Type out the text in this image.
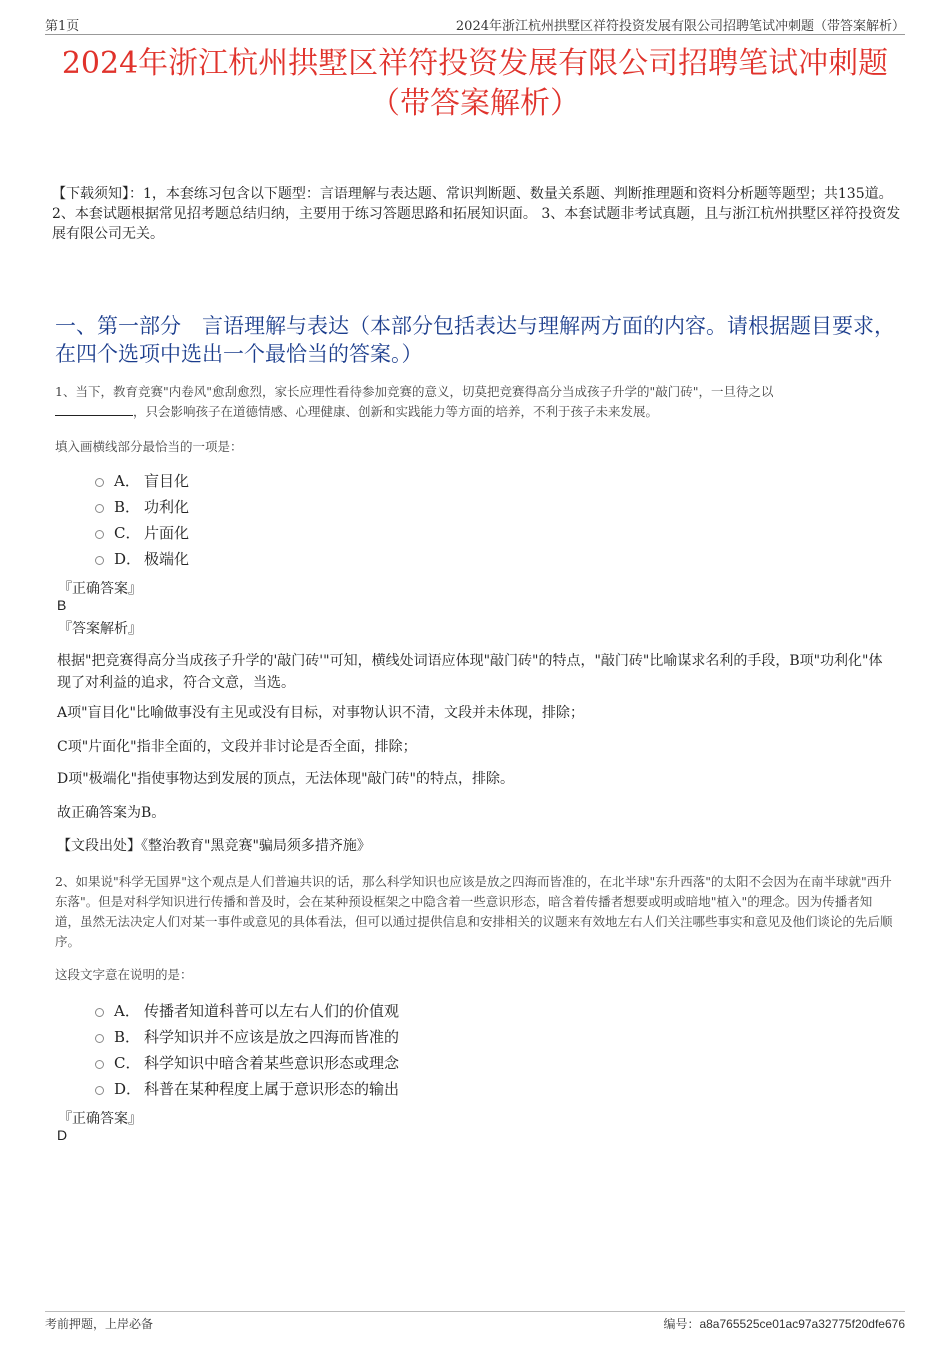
第1页	2024年浙江杭州拱墅区祥符投资发展有限公司招聘笔试冲刺题（带答案解析）
2024年浙江杭州拱墅区祥符投资发展有限公司招聘笔试冲刺题
（带答案解析）
【下载须知】：1，本套练习包含以下题型：言语理解与表达题、常识判断题、数量关系题、判断推理题和资料分析题等题型；共135道。 2、本套试题根据常见招考题总结归纳，主要用于练习答题思路和拓展知识面。 3、本套试题非考试真题，且与浙江杭州拱墅区祥符投资发展有限公司无关。
一、第一部分　言语理解与表达（本部分包括表达与理解两方面的内容。请根据题目要求，在四个选项中选出一个最恰当的答案。）
1、当下，教育竞赛"内卷风"愈刮愈烈，家长应理性看待参加竞赛的意义，切莫把竞赛得高分当成孩子升学的"敲门砖"，一旦待之以
，只会影响孩子在道德情感、心理健康、创新和实践能力等方面的培养，不利于孩子未来发展。
填入画横线部分最恰当的一项是：
A． 盲目化
B． 功利化
C． 片面化
D． 极端化
『正确答案』
B
『答案解析』
根据"把竞赛得高分当成孩子升学的'敲门砖'"可知，横线处词语应体现"敲门砖"的特点，"敲门砖"比喻谋求名利的手段，B项"功利化"体现了对利益的追求，符合文意，当选。
A项"盲目化"比喻做事没有主见或没有目标，对事物认识不清，文段并未体现，排除；
C项"片面化"指非全面的，文段并非讨论是否全面，排除；
D项"极端化"指使事物达到发展的顶点，无法体现"敲门砖"的特点，排除。
故正确答案为B。
【文段出处】《整治教育"黑竞赛"骗局须多措齐施》
2、如果说"科学无国界"这个观点是人们普遍共识的话，那么科学知识也应该是放之四海而皆准的，在北半球"东升西落"的太阳不会因为在南半球就"西升东落"。但是对科学知识进行传播和普及时，会在某种预设框架之中隐含着一些意识形态，暗含着传播者想要或明或暗地"植入"的理念。因为传播者知道，虽然无法决定人们对某一事件或意见的具体看法，但可以通过提供信息和安排相关的议题来有效地左右人们关注哪些事实和意见及他们谈论的先后顺序。
这段文字意在说明的是：
A． 传播者知道科普可以左右人们的价值观
B． 科学知识并不应该是放之四海而皆准的
C． 科学知识中暗含着某些意识形态或理念
D． 科普在某种程度上属于意识形态的输出
『正确答案』
D
考前押题，上岸必备	编号：a8a765525ce01ac97a32775f20dfe676
